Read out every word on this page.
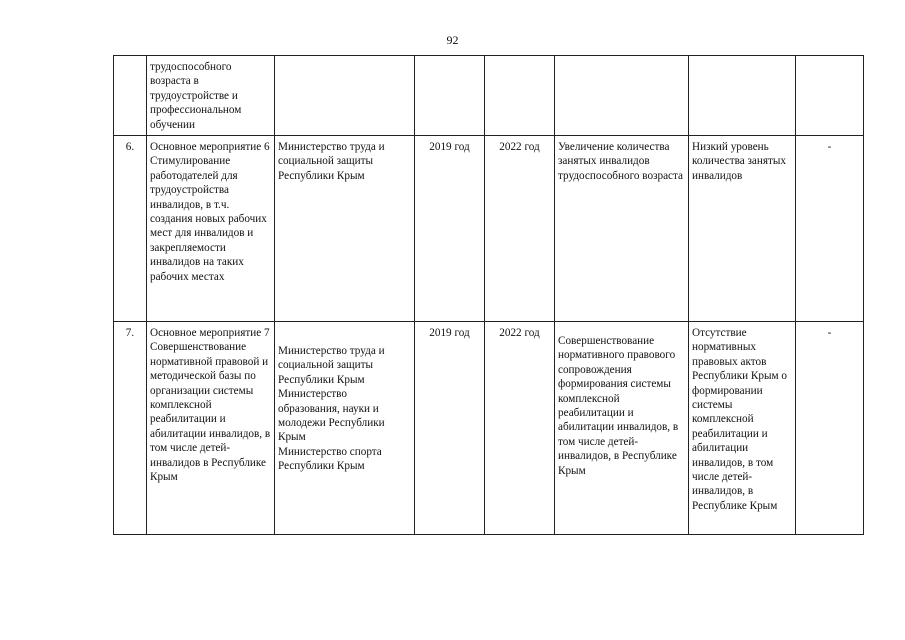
92
	трудоспособного возраста в трудоустройстве и профессиональном обучении						
6.	Основное мероприятие 6 Стимулирование работодателей для трудоустройства инвалидов, в т.ч. создания новых рабочих мест для инвалидов и закрепляемости инвалидов на таких рабочих местах	Министерство труда и социальной защиты Республики Крым	2019 год	2022 год	Увеличение количества занятых инвалидов трудоспособного возраста	Низкий уровень количества занятых инвалидов	-
7.	Основное мероприятие 7 Совершенствование нормативной правовой и методической базы по организации системы комплексной реабилитации и абилитации инвалидов, в том числе детей-инвалидов в Республике Крым	Министерство труда и социальной защиты Республики Крым
Министерство образования, науки и молодежи Республики Крым
Министерство спорта Республики Крым	2019 год	2022 год	Совершенствование нормативного правового сопровождения формирования системы комплексной реабилитации и абилитации инвалидов, в том числе детей-инвалидов, в Республике Крым	Отсутствие нормативных правовых актов Республики Крым о формировании системы комплексной реабилитации и абилитации инвалидов, в том числе детей-инвалидов, в Республике Крым	-
